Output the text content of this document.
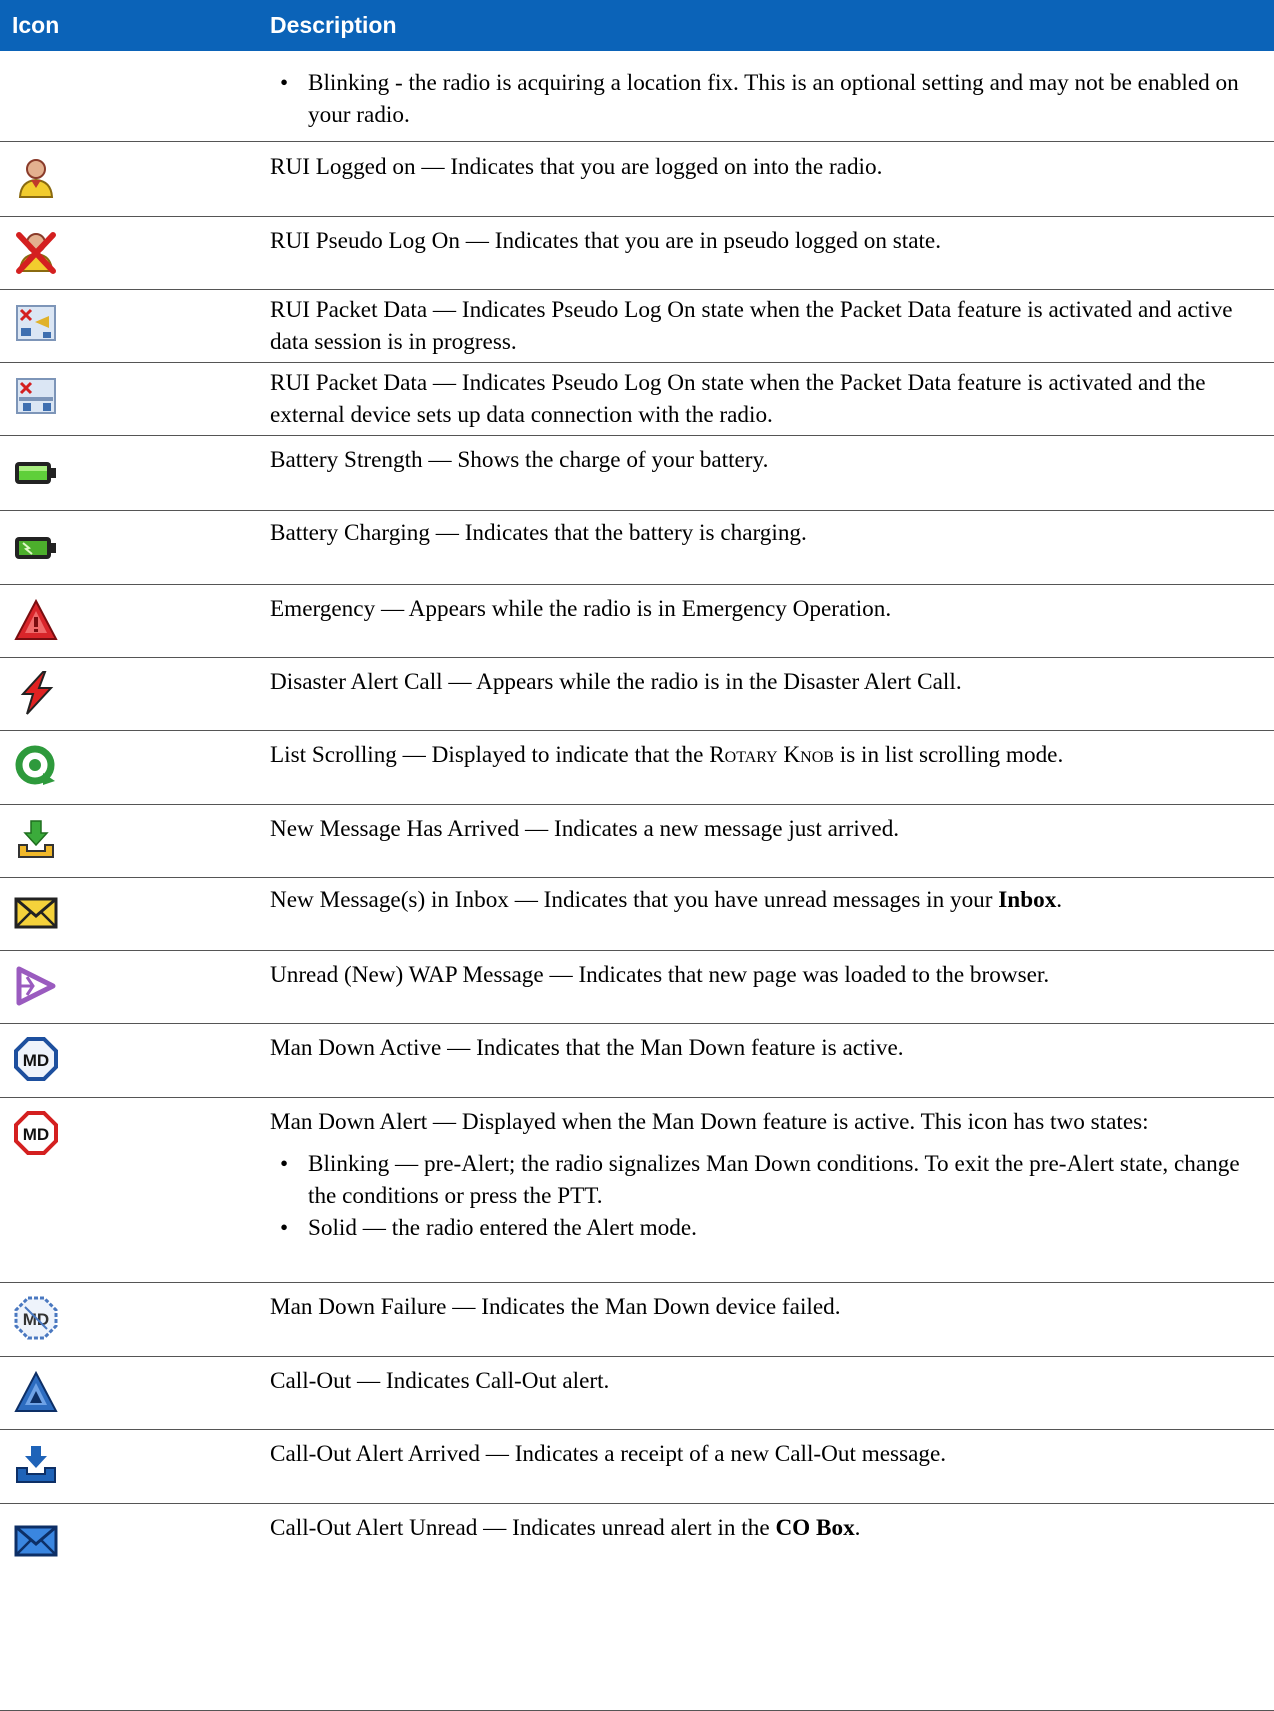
Icon	Description
• Blinking - the radio is acquiring a location fix. This is an optional setting and may not be enabled on your radio.
RUI Logged on — Indicates that you are logged on into the radio.
RUI Pseudo Log On — Indicates that you are in pseudo logged on state.
RUI Packet Data — Indicates Pseudo Log On state when the Packet Data feature is activated and active data session is in progress.
RUI Packet Data — Indicates Pseudo Log On state when the Packet Data feature is activated and the external device sets up data connection with the radio.
Battery Strength — Shows the charge of your battery.
Battery Charging — Indicates that the battery is charging.
Emergency — Appears while the radio is in Emergency Operation.
Disaster Alert Call — Appears while the radio is in the Disaster Alert Call.
List Scrolling — Displayed to indicate that the Rotary Knob is in list scrolling mode.
New Message Has Arrived — Indicates a new message just arrived.
New Message(s) in Inbox — Indicates that you have unread messages in your Inbox.
Unread (New) WAP Message — Indicates that new page was loaded to the browser.
MD	Man Down Active — Indicates that the Man Down feature is active.
MD	Man Down Alert — Displayed when the Man Down feature is active. This icon has two states:

• Blinking — pre-Alert; the radio signalizes Man Down conditions. To exit the pre-Alert state, change the conditions or press the PTT.
• Solid — the radio entered the Alert mode.
MD	Man Down Failure — Indicates the Man Down device failed.
Call-Out — Indicates Call-Out alert.
Call-Out Alert Arrived — Indicates a receipt of a new Call-Out message.
Call-Out Alert Unread — Indicates unread alert in the CO Box.
